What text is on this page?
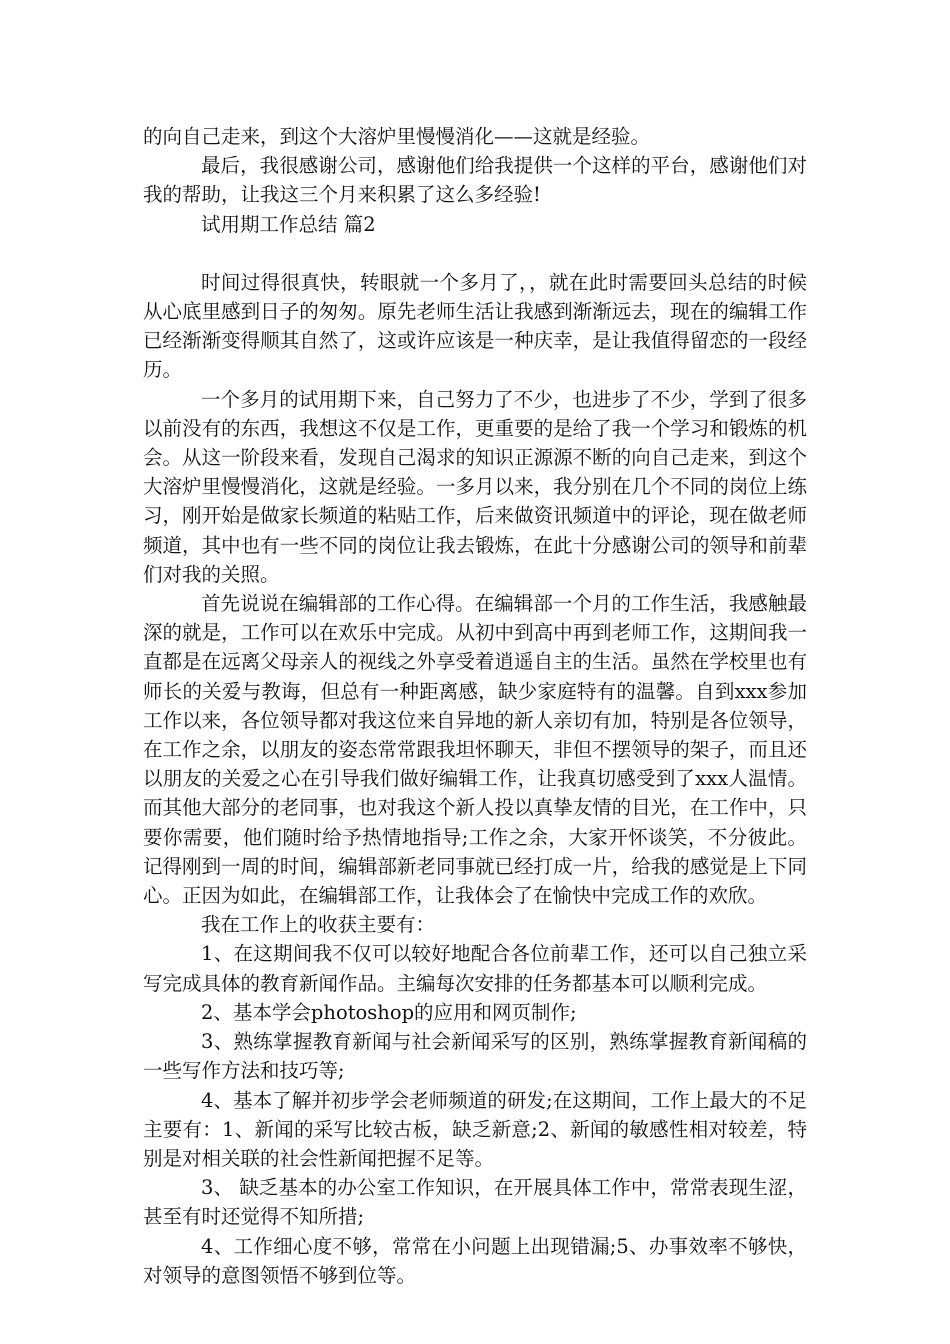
的向自己走来，到这个大溶炉里慢慢消化——这就是经验。

最后，我很感谢公司，感谢他们给我提供一个这样的平台，感谢他们对我的帮助，让我这三个月来积累了这么多经验!

试用期工作总结 篇2

时间过得很真快，转眼就一个多月了，，就在此时需要回头总结的时候从心底里感到日子的匆匆。原先老师生活让我感到渐渐远去，现在的编辑工作已经渐渐变得顺其自然了，这或许应该是一种庆幸，是让我值得留恋的一段经历。

一个多月的试用期下来，自己努力了不少，也进步了不少，学到了很多以前没有的东西，我想这不仅是工作，更重要的是给了我一个学习和锻炼的机会。从这一阶段来看，发现自己渴求的知识正源源不断的向自己走来，到这个大溶炉里慢慢消化，这就是经验。一多月以来，我分别在几个不同的岗位上练习，刚开始是做家长频道的粘贴工作，后来做资讯频道中的评论，现在做老师频道，其中也有一些不同的岗位让我去锻炼，在此十分感谢公司的领导和前辈们对我的关照。

首先说说在编辑部的工作心得。在编辑部一个月的工作生活，我感触最深的就是，工作可以在欢乐中完成。从初中到高中再到老师工作，这期间我一直都是在远离父母亲人的视线之外享受着逍遥自主的生活。虽然在学校里也有师长的关爱与教诲，但总有一种距离感，缺少家庭特有的温馨。自到xxx参加工作以来，各位领导都对我这位来自异地的新人亲切有加，特别是各位领导，在工作之余，以朋友的姿态常常跟我坦怀聊天，非但不摆领导的架子，而且还以朋友的关爱之心在引导我们做好编辑工作，让我真切感受到了xxx人温情。而其他大部分的老同事，也对我这个新人投以真挚友情的目光，在工作中，只要你需要，他们随时给予热情地指导;工作之余，大家开怀谈笑，不分彼此。记得刚到一周的时间，编辑部新老同事就已经打成一片，给我的感觉是上下同心。正因为如此，在编辑部工作，让我体会了在愉快中完成工作的欢欣。

我在工作上的收获主要有：

1、在这期间我不仅可以较好地配合各位前辈工作，还可以自己独立采写完成具体的教育新闻作品。主编每次安排的任务都基本可以顺利完成。

2、基本学会photoshop的应用和网页制作;

3、熟练掌握教育新闻与社会新闻采写的区别，熟练掌握教育新闻稿的一些写作方法和技巧等;

4、基本了解并初步学会老师频道的研发;在这期间，工作上最大的不足主要有：1、新闻的采写比较古板，缺乏新意;2、新闻的敏感性相对较差，特别是对相关联的社会性新闻把握不足等。

3、 缺乏基本的办公室工作知识，在开展具体工作中，常常表现生涩，甚至有时还觉得不知所措;

4、工作细心度不够，常常在小问题上出现错漏;5、办事效率不够快，对领导的意图领悟不够到位等。
